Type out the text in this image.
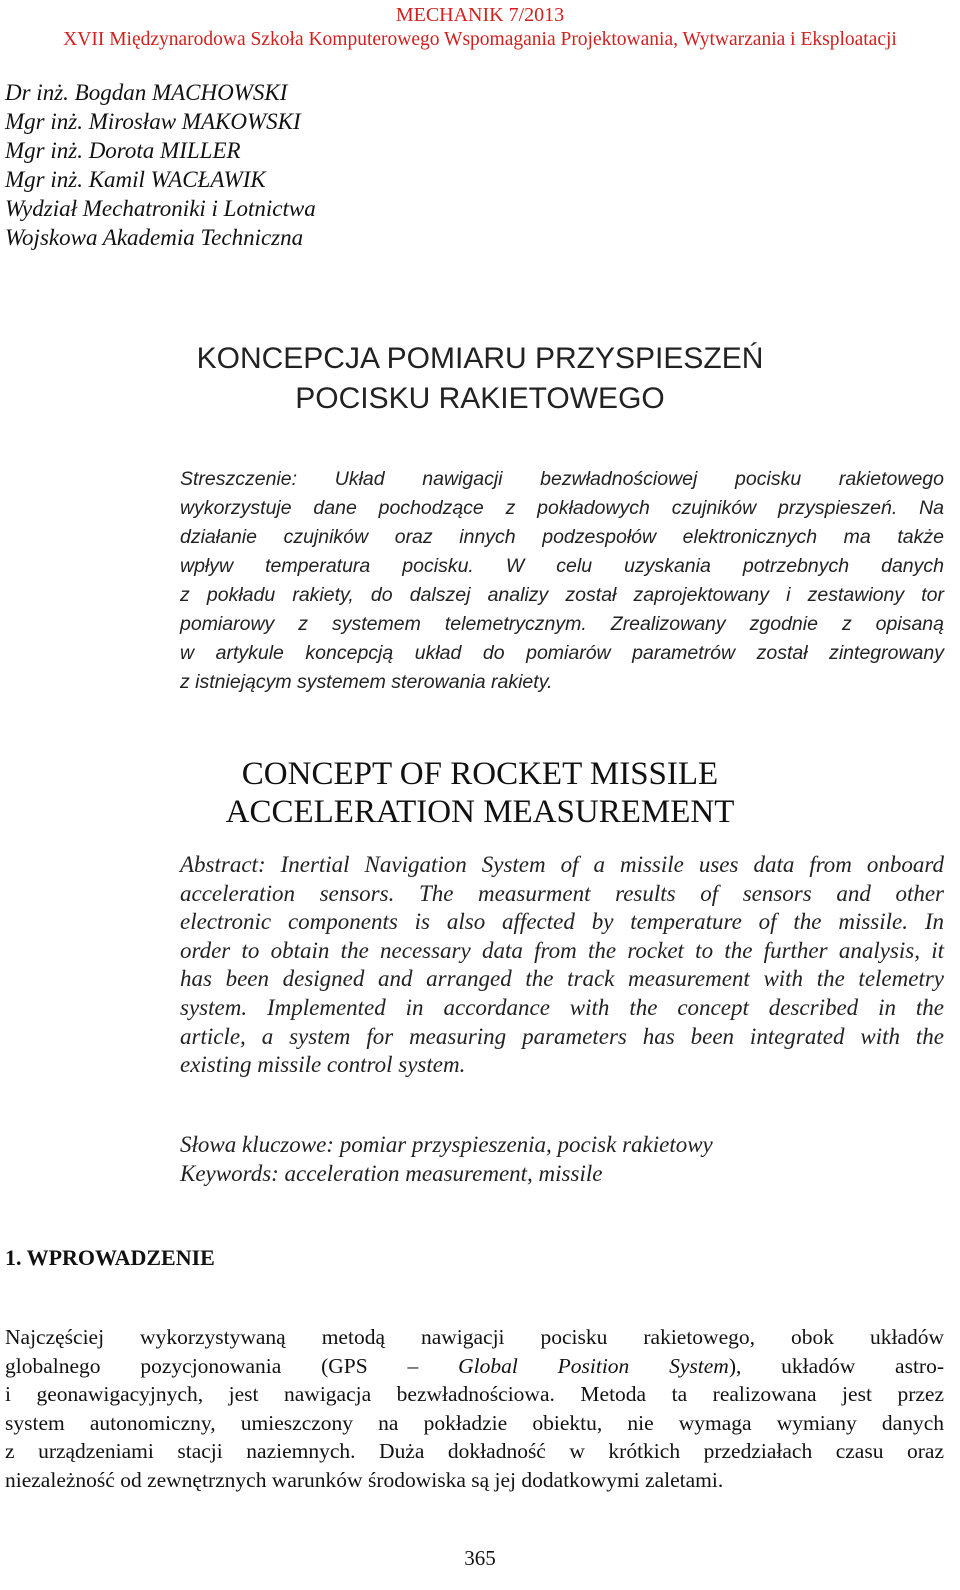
MECHANIK 7/2013
XVII Międzynarodowa Szkoła Komputerowego Wspomagania Projektowania, Wytwarzania i Eksploatacji
Dr inż. Bogdan MACHOWSKI
Mgr inż. Mirosław MAKOWSKI
Mgr inż. Dorota MILLER
Mgr inż. Kamil WACŁAWIK
Wydział Mechatroniki i Lotnictwa
Wojskowa Akademia Techniczna
KONCEPCJA POMIARU PRZYSPIESZEŃ
POCISKU RAKIETOWEGO
Streszczenie: Układ nawigacji bezwładnościowej pocisku rakietowego
wykorzystuje dane pochodzące z pokładowych czujników przyspieszeń. Na
działanie czujników oraz innych podzespołów elektronicznych ma także
wpływ temperatura pocisku. W celu uzyskania potrzebnych danych
z pokładu rakiety, do dalszej analizy został zaprojektowany i zestawiony tor
pomiarowy z systemem telemetrycznym. Zrealizowany zgodnie z opisaną
w artykule koncepcją układ do pomiarów parametrów został zintegrowany
z istniejącym systemem sterowania rakiety.
CONCEPT OF ROCKET MISSILE
ACCELERATION MEASUREMENT
Abstract: Inertial Navigation System of a missile uses data from onboard
acceleration sensors. The measurment results of sensors and other
electronic components is also affected by temperature of the missile. In
order to obtain the necessary data from the rocket to the further analysis, it
has been designed and arranged the track measurement with the telemetry
system. Implemented in accordance with the concept described in the
article, a system for measuring parameters has been integrated with the
existing missile control system.
Słowa kluczowe: pomiar przyspieszenia, pocisk rakietowy
Keywords: acceleration measurement, missile
1. WPROWADZENIE
Najczęściej wykorzystywaną metodą nawigacji pocisku rakietowego, obok układów
globalnego pozycjonowania (GPS – Global Position System), układów astro-
i geonawigacyjnych, jest nawigacja bezwładnościowa. Metoda ta realizowana jest przez
system autonomiczny, umieszczony na pokładzie obiektu, nie wymaga wymiany danych
z urządzeniami stacji naziemnych. Duża dokładność w krótkich przedziałach czasu oraz
niezależność od zewnętrznych warunków środowiska są jej dodatkowymi zaletami.
365
